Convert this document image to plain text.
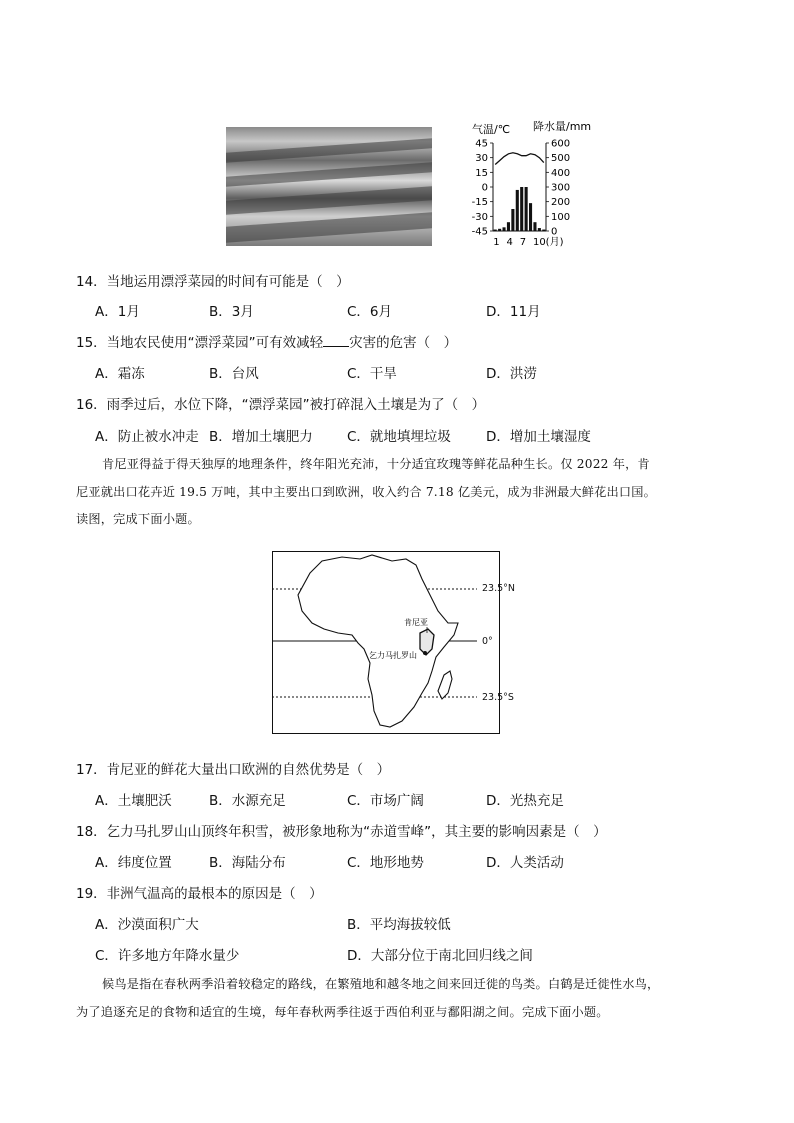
气温/℃ 降水量/mm
45
30
15
0
-15
-30
-45
600
500
400
300
200
100
0
1 4 7 10(月)
14．当地运用漂浮菜园的时间有可能是（　）
A．1月	B．3月	C．6月	D．11月
15．当地农民使用“漂浮菜园”可有效减轻 灾害的危害（　）
A．霜冻	B．台风	C．干旱	D．洪涝
16．雨季过后，水位下降，“漂浮菜园”被打碎混入土壤是为了（　）
A．防止被水冲走 B．增加土壤肥力	C．就地填埋垃圾	D．增加土壤湿度

肯尼亚得益于得天独厚的地理条件，终年阳光充沛，十分适宜玫瑰等鲜花品种生长。仅 2022 年，肯

尼亚就出口花卉近 19.5 万吨，其中主要出口到欧洲，收入约合 7.18 亿美元，成为非洲最大鲜花出口国。

读图，完成下面小题。

肯尼亚
乞力马扎罗山
23.5°N
0°
23.5°S
17．肯尼亚的鲜花大量出口欧洲的自然优势是（　）
A．土壤肥沃	B．水源充足	C．市场广阔	D．光热充足
18．乞力马扎罗山山顶终年积雪，被形象地称为“赤道雪峰”，其主要的影响因素是（　）
A．纬度位置	B．海陆分布	C．地形地势	D．人类活动
19．非洲气温高的最根本的原因是（　）
A．沙漠面积广大	B．平均海拔较低
C．许多地方年降水量少	D．大部分位于南北回归线之间

候鸟是指在春秋两季沿着较稳定的路线，在繁殖地和越冬地之间来回迁徙的鸟类。白鹤是迁徙性水鸟，

为了追逐充足的食物和适宜的生境，每年春秋两季往返于西伯利亚与鄱阳湖之间。完成下面小题。
